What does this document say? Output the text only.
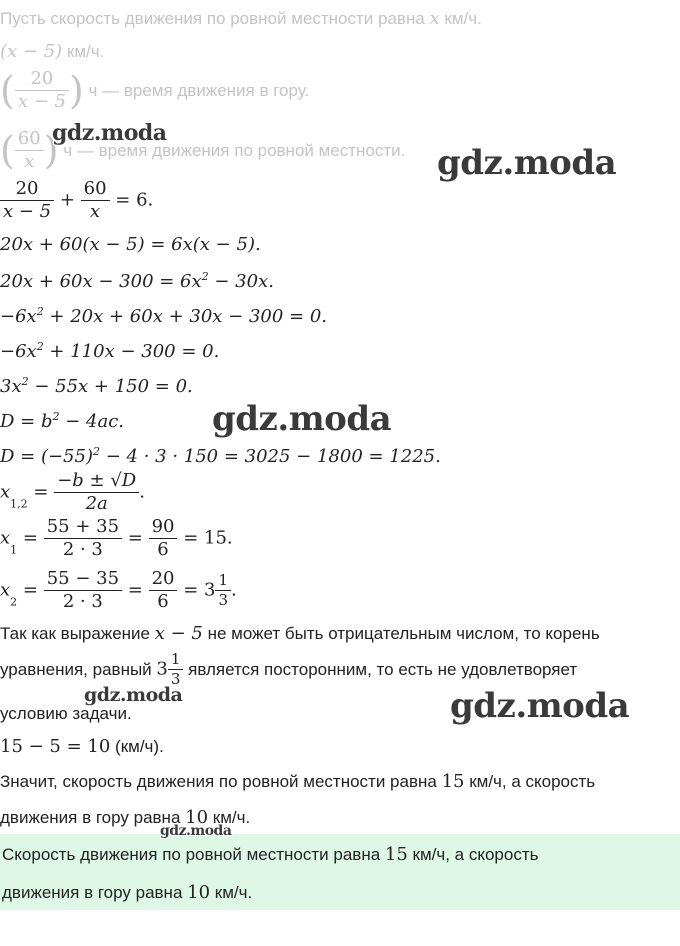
Пусть скорость движения по ровной местности равна x км/ч.
(x − 5) км/ч.
( $\frac{20}{x - 5}$ ) ч — время движения в гору.
( $\frac{60}{x}$ ) ч — время движения по ровной местности.
$\frac{20}{x - 5} + \frac{60}{x} = 6$.
20x + 60(x − 5) = 6x(x − 5).
$20x + 60x - 300 = 6x^2 - 30x$.
$-6x^2 + 20x + 60x + 30x - 300 = 0$.
$-6x^2 + 110x - 300 = 0$.
$3x^2 - 55x + 150 = 0$.
$D = b^2 - 4ac$.
$D = (-55)^2 - 4 \cdot 3 \cdot 150 = 3025 - 1800 = 1225$.
$x_{1,2} = \frac{-b \pm √D}{2a}$ .
$x_1 = \frac{55 + 35}{2 \cdot 3} = \frac{90}{6} = 15$.
$x_2 = \frac{55 - 35}{2 \cdot 3} = \frac{20}{6} = 3 \frac{1}{3}$ .
Так как выражение x − 5 не может быть отрицательным числом, то корень
уравнения, равный $3 \frac{1}{3}$ является посторонним, то есть не удовлетворяет
условию задачи.
15 − 5 = 10 (км/ч).
Значит, скорость движения по ровной местности равна 15 км/ч, а скорость
движения в гору равна 10 км/ч.
Скорость движения по ровной местности равна 15 км/ч, а скорость
движения в гору равна 10 км/ч.
gdz.moda
gdz.moda
gdz.moda
gdz.moda	gdz.moda
gdz.moda
